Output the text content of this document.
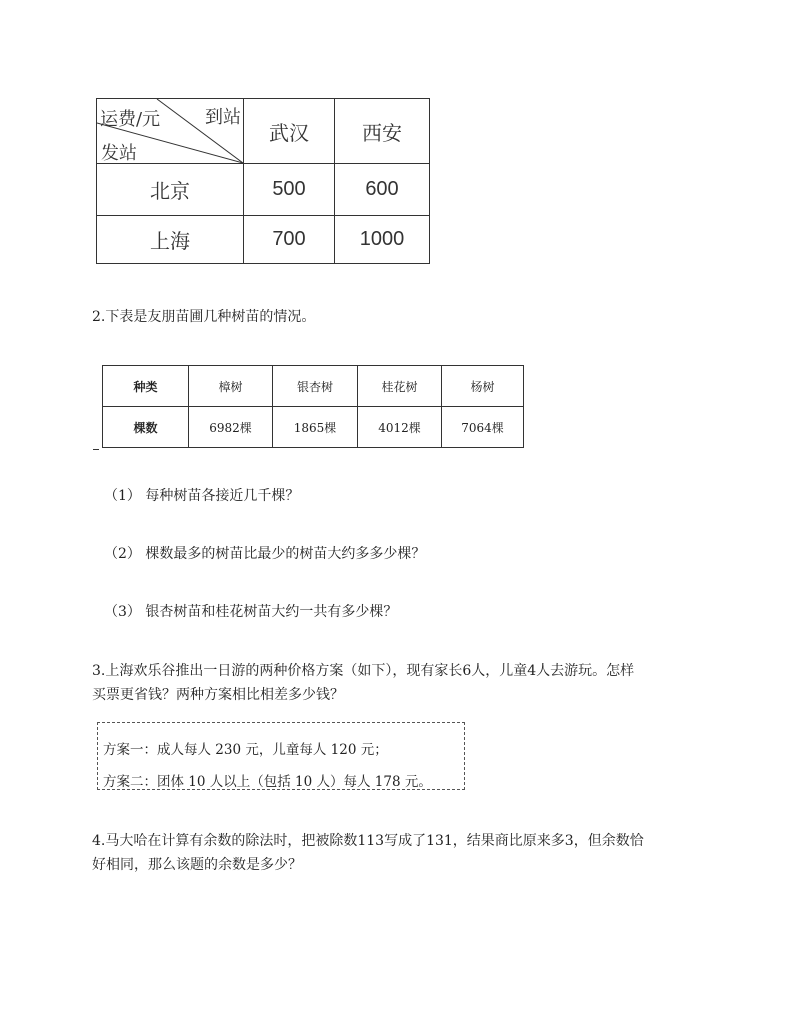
运费/元 到站
发站	武汉	西安
北京	500	600
上海	700	1000
2.下表是友朋苗圃几种树苗的情况。
种类	樟树	银杏树	桂花树	杨树
棵数	6982棵	1865棵	4012棵	7064棵
（1） 每种树苗各接近几千棵？
（2） 棵数最多的树苗比最少的树苗大约多多少棵？
（3） 银杏树苗和桂花树苗大约一共有多少棵？
3.上海欢乐谷推出一日游的两种价格方案（如下），现有家长6人，儿童4人去游玩。怎样
买票更省钱？两种方案相比相差多少钱？
方案一：成人每人 230 元，儿童每人 120 元；
方案二：团体 10 人以上（包括 10 人）每人 178 元。
4.马大哈在计算有余数的除法时，把被除数113写成了131，结果商比原来多3，但余数恰
好相同，那么该题的余数是多少？
